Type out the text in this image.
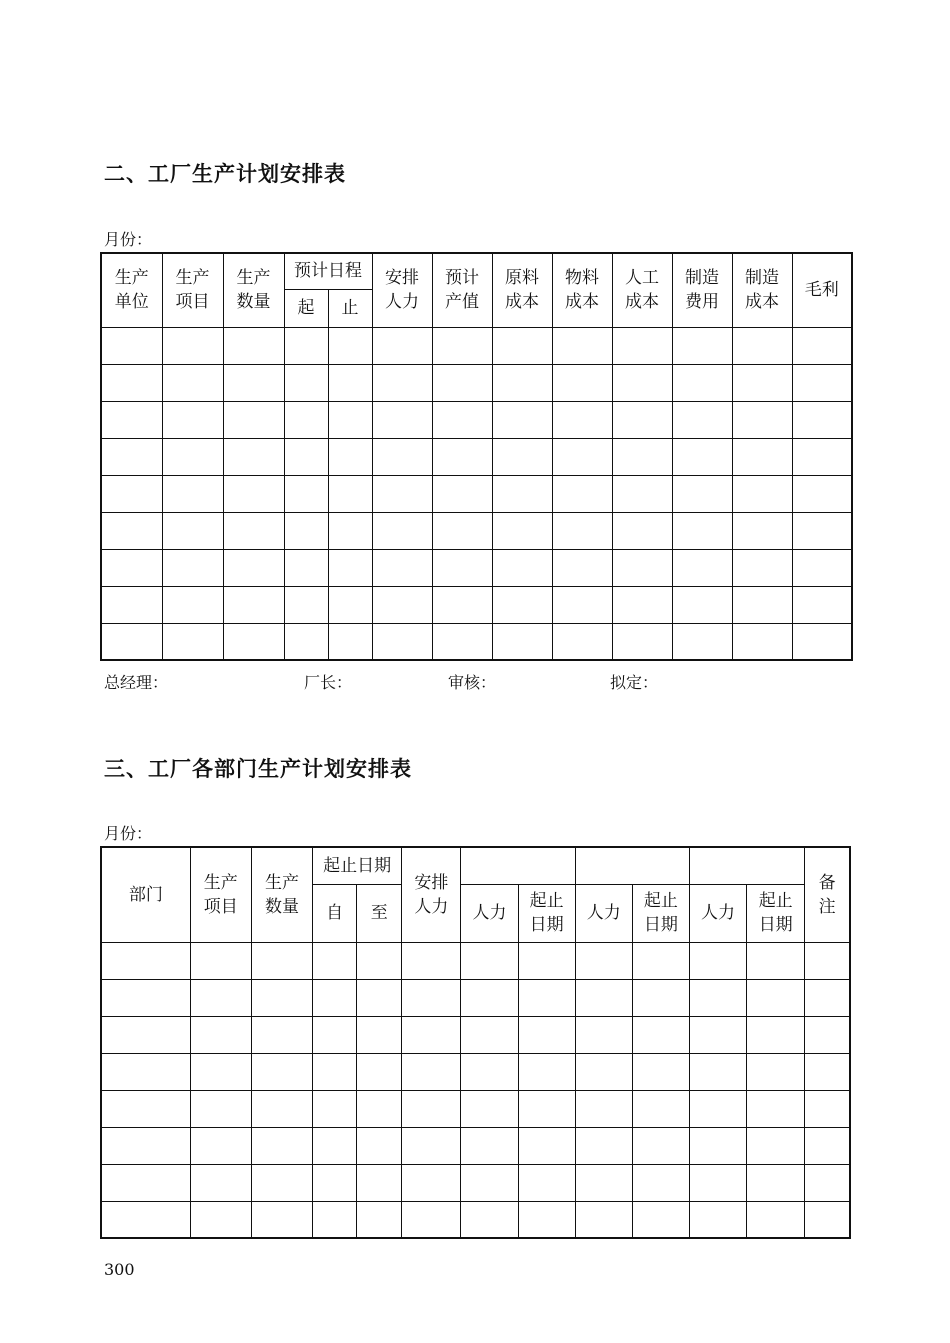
二、工厂生产计划安排表
月份：
生产单位	生产项目	生产数量	预计日程		安排人力	预计产值	原料成本	物料成本	人工成本	制造费用	制造成本	毛利
			起	止								

总经理：	厂长：	审核：	拟定：
三、工厂各部门生产计划安排表
月份：
部门	生产项目	生产数量	起止日期		安排人力							备注
			自	至		人力	起止日期	人力	起止日期	人力	起止日期	

300
